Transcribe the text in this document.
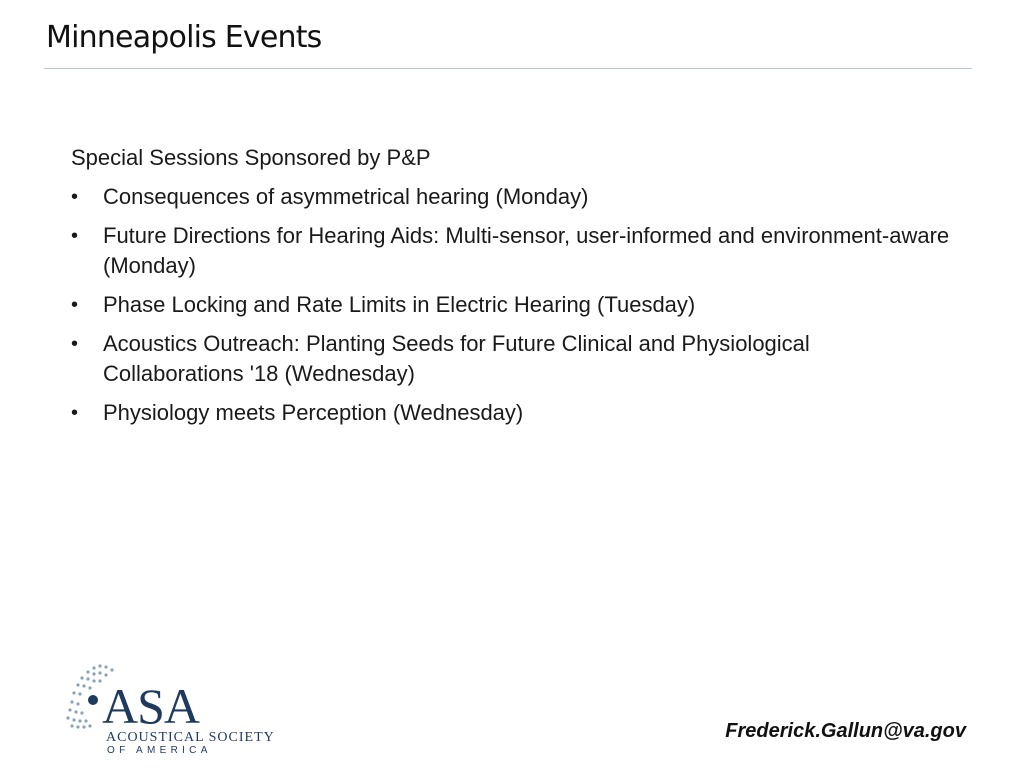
Minneapolis Events
Special Sessions Sponsored by P&P
•	Consequences of asymmetrical hearing (Monday)
•	Future Directions for Hearing Aids: Multi-sensor, user-informed and environment-aware (Monday)
•	Phase Locking and Rate Limits in Electric Hearing (Tuesday)
•	Acoustics Outreach: Planting Seeds for Future Clinical and Physiological Collaborations '18 (Wednesday)
•	Physiology meets Perception (Wednesday)
ASA
ACOUSTICAL SOCIETY
OF AMERICA
Frederick.Gallun@va.gov
